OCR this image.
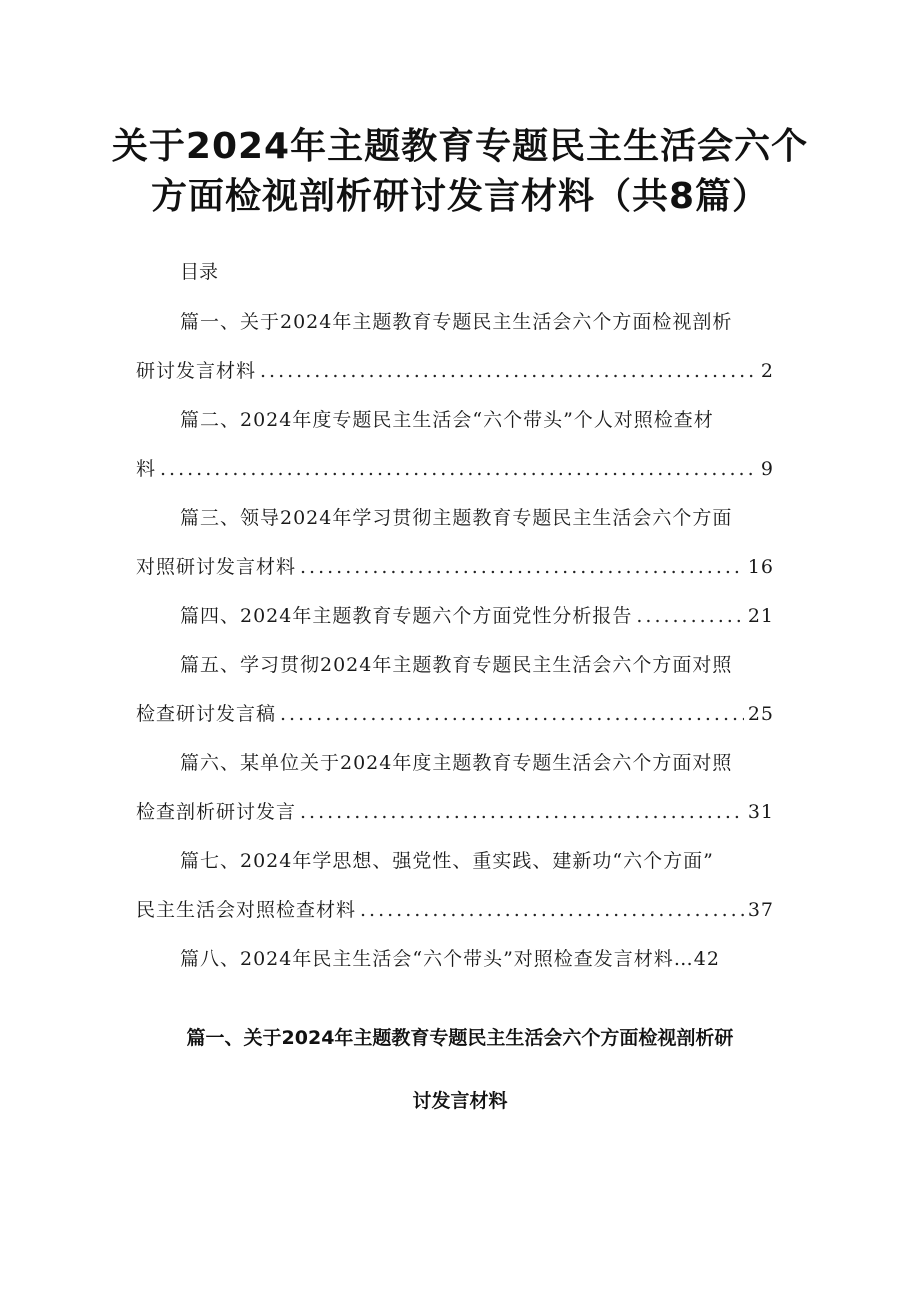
关于2024年主题教育专题民主生活会六个
方面检视剖析研讨发言材料（共8篇）
目录
篇一、关于2024年主题教育专题民主生活会六个方面检视剖析
研讨发言材料 .....	2
篇二、2024年度专题民主生活会“六个带头”个人对照检查材
料 .....	9
篇三、领导2024年学习贯彻主题教育专题民主生活会六个方面
对照研讨发言材料 .....	16
篇四、2024年主题教育专题六个方面党性分析报告 .....	21
篇五、学习贯彻2024年主题教育专题民主生活会六个方面对照
检查研讨发言稿 .....	25
篇六、某单位关于2024年度主题教育专题生活会六个方面对照
检查剖析研讨发言 .....	31
篇七、2024年学思想、强党性、重实践、建新功“六个方面”
民主生活会对照检查材料 .....	37
篇八、2024年民主生活会“六个带头”对照检查发言材料…42
篇一、关于2024年主题教育专题民主生活会六个方面检视剖析研
讨发言材料
